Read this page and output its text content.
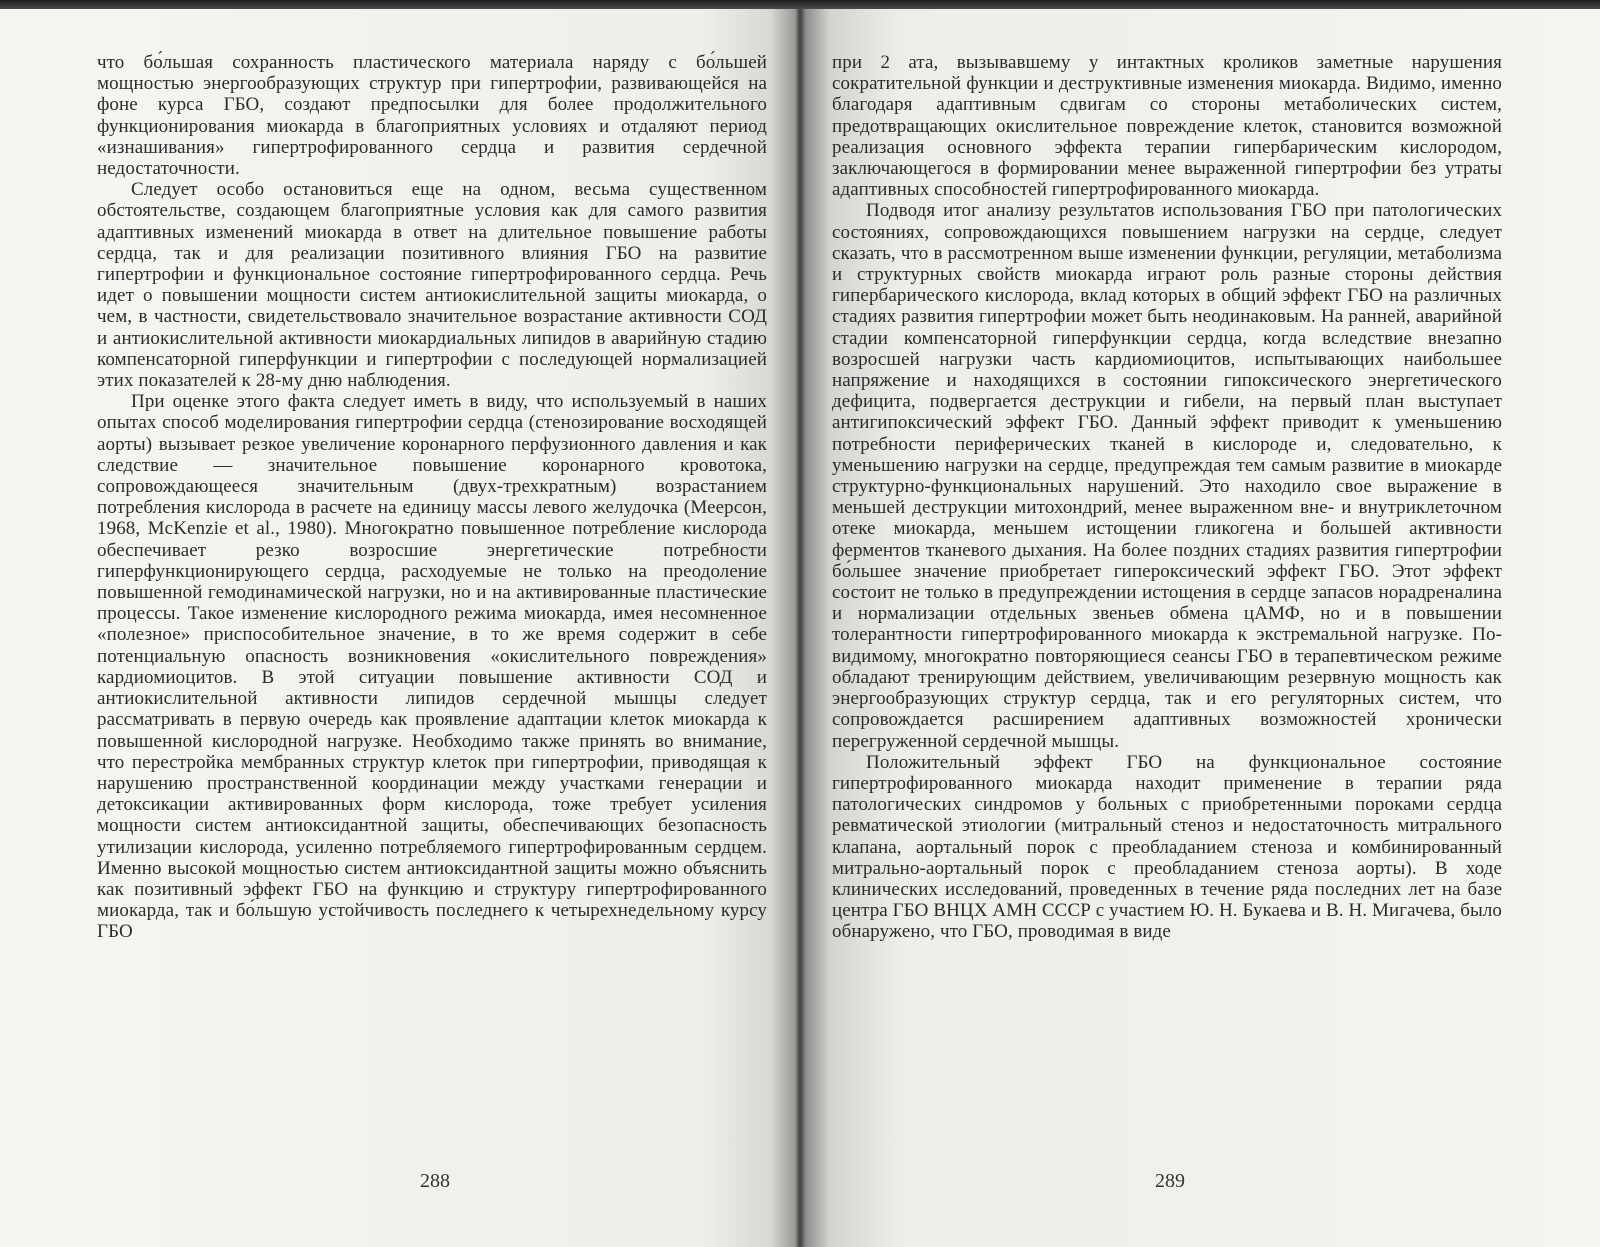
что бо́льшая сохранность пластического материала наряду с бо́льшей мощностью энергообразующих структур при гипертрофии, развивающейся на фоне курса ГБО, создают предпосылки для более продолжительного функционирования миокарда в благоприятных условиях и отдаляют период «изнашивания» гипертрофированного сердца и развития сердечной недостаточности.

Следует особо остановиться еще на одном, весьма существенном обстоятельстве, создающем благоприятные условия как для самого развития адаптивных изменений миокарда в ответ на длительное повышение работы сердца, так и для реализации позитивного влияния ГБО на развитие гипертрофии и функциональное состояние гипертрофированного сердца. Речь идет о повышении мощности систем антиокислительной защиты миокарда, о чем, в частности, свидетельствовало значительное возрастание активности СОД и антиокислительной активности миокардиальных липидов в аварийную стадию компенсаторной гиперфункции и гипертрофии с последующей нормализацией этих показателей к 28-му дню наблюдения.

При оценке этого факта следует иметь в виду, что используемый в наших опытах способ моделирования гипертрофии сердца (стенозирование восходящей аорты) вызывает резкое увеличение коронарного перфузионного давления и как следствие — значительное повышение коронарного кровотока, сопровождающееся значительным (двух-трехкратным) возрастанием потребления кислорода в расчете на единицу массы левого желудочка (Меерсон, 1968, McKenzie et al., 1980). Многократно повышенное потребление кислорода обеспечивает резко возросшие энергетические потребности гиперфункционирующего сердца, расходуемые не только на преодоление повышенной гемодинамической нагрузки, но и на активированные пластические процессы. Такое изменение кислородного режима миокарда, имея несомненное «полезное» приспособительное значение, в то же время содержит в себе потенциальную опасность возникновения «окислительного повреждения» кардиомиоцитов. В этой ситуации повышение активности СОД и антиокислительной активности липидов сердечной мышцы следует рассматривать в первую очередь как проявление адаптации клеток миокарда к повышенной кислородной нагрузке. Необходимо также принять во внимание, что перестройка мембранных структур клеток при гипертрофии, приводящая к нарушению пространственной координации между участками генерации и детоксикации активированных форм кислорода, тоже требует усиления мощности систем антиоксидантной защиты, обеспечивающих безопасность утилизации кислорода, усиленно потребляемого гипертрофированным сердцем. Именно высокой мощностью систем антиоксидантной защиты можно объяснить как позитивный эффект ГБО на функцию и структуру гипертрофированного миокарда, так и бо́льшую устойчивость последнего к четырехнедельному курсу ГБО

288

при 2 ата, вызывавшему у интактных кроликов заметные нарушения сократительной функции и деструктивные изменения миокарда. Видимо, именно благодаря адаптивным сдвигам со стороны метаболических систем, предотвращающих окислительное повреждение клеток, становится возможной реализация основного эффекта терапии гипербарическим кислородом, заключающегося в формировании менее выраженной гипертрофии без утраты адаптивных способностей гипертрофированного миокарда.

Подводя итог анализу результатов использования ГБО при патологических состояниях, сопровождающихся повышением нагрузки на сердце, следует сказать, что в рассмотренном выше изменении функции, регуляции, метаболизма и структурных свойств миокарда играют роль разные стороны действия гипербарического кислорода, вклад которых в общий эффект ГБО на различных стадиях развития гипертрофии может быть неодинаковым. На ранней, аварийной стадии компенсаторной гиперфункции сердца, когда вследствие внезапно возросшей нагрузки часть кардиомиоцитов, испытывающих наибольшее напряжение и находящихся в состоянии гипоксического энергетического дефицита, подвергается деструкции и гибели, на первый план выступает антигипоксический эффект ГБО. Данный эффект приводит к уменьшению потребности периферических тканей в кислороде и, следовательно, к уменьшению нагрузки на сердце, предупреждая тем самым развитие в миокарде структурно-функциональных нарушений. Это находило свое выражение в меньшей деструкции митохондрий, менее выраженном вне- и внутриклеточном отеке миокарда, меньшем истощении гликогена и большей активности ферментов тканевого дыхания. На более поздних стадиях развития гипертрофии бо́льшее значение приобретает гипероксический эффект ГБО. Этот эффект состоит не только в предупреждении истощения в сердце запасов норадреналина и нормализации отдельных звеньев обмена цАМФ, но и в повышении толерантности гипертрофированного миокарда к экстремальной нагрузке. По-видимому, многократно повторяющиеся сеансы ГБО в терапевтическом режиме обладают тренирующим действием, увеличивающим резервную мощность как энергообразующих структур сердца, так и его регуляторных систем, что сопровождается расширением адаптивных возможностей хронически перегруженной сердечной мышцы.

Положительный эффект ГБО на функциональное состояние гипертрофированного миокарда находит применение в терапии ряда патологических синдромов у больных с приобретенными пороками сердца ревматической этиологии (митральный стеноз и недостаточность митрального клапана, аортальный порок с преобладанием стеноза и комбинированный митрально-аортальный порок с преобладанием стеноза аорты). В ходе клинических исследований, проведенных в течение ряда последних лет на базе центра ГБО ВНЦХ АМН СССР с участием Ю. Н. Букаева и В. Н. Мигачева, было обнаружено, что ГБО, проводимая в виде

289
